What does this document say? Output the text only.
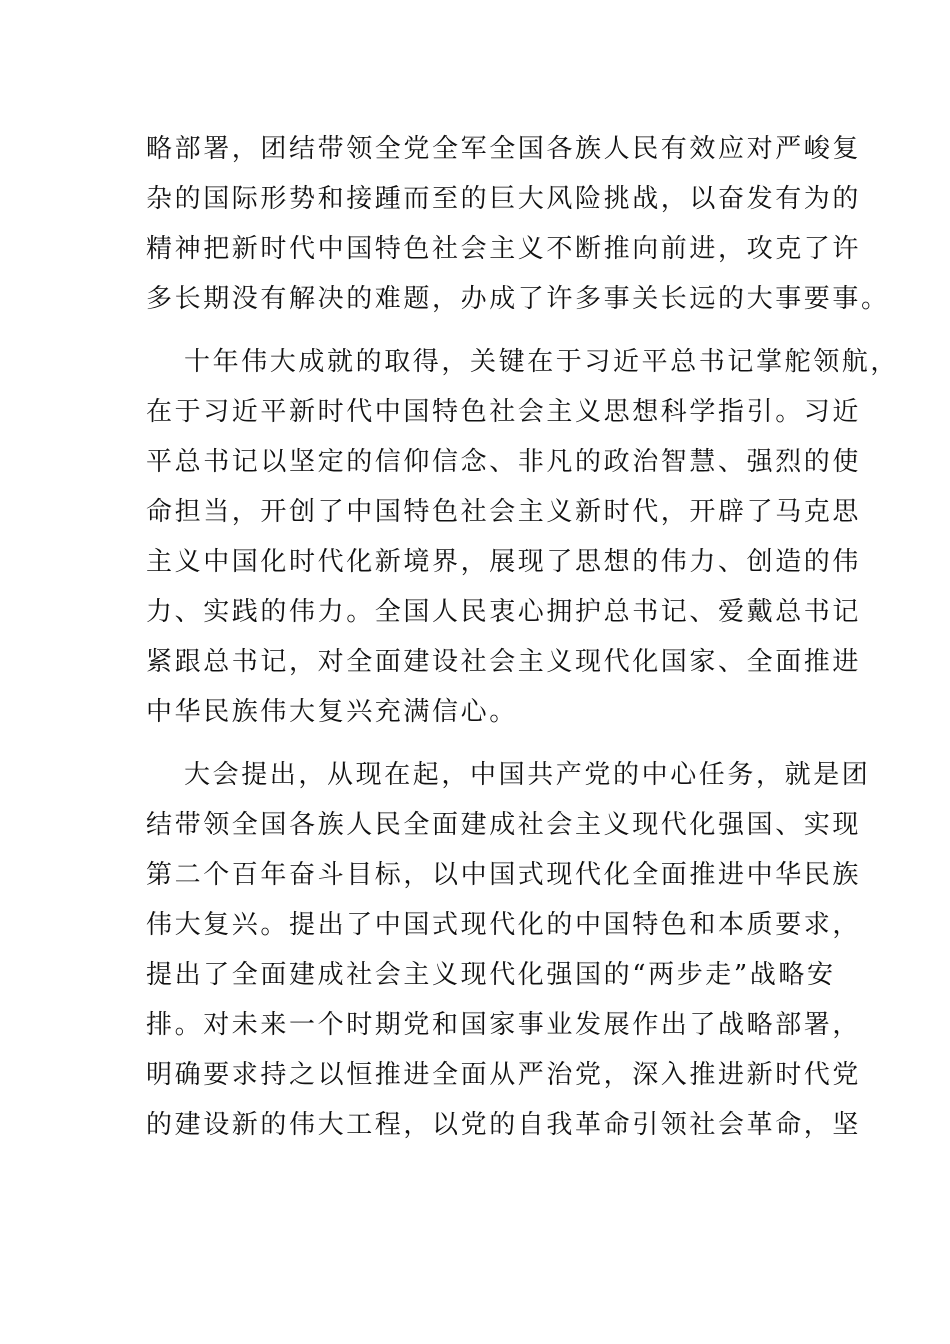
略部署，团结带领全党全军全国各族人民有效应对严峻复

杂的国际形势和接踵而至的巨大风险挑战，以奋发有为的

精神把新时代中国特色社会主义不断推向前进，攻克了许

多长期没有解决的难题，办成了许多事关长远的大事要事。

十年伟大成就的取得，关键在于习近平总书记掌舵领航，

在于习近平新时代中国特色社会主义思想科学指引。习近

平总书记以坚定的信仰信念、非凡的政治智慧、强烈的使

命担当，开创了中国特色社会主义新时代，开辟了马克思

主义中国化时代化新境界，展现了思想的伟力、创造的伟

力、实践的伟力。全国人民衷心拥护总书记、爱戴总书记

紧跟总书记，对全面建设社会主义现代化国家、全面推进

中华民族伟大复兴充满信心。

大会提出，从现在起，中国共产党的中心任务，就是团

结带领全国各族人民全面建成社会主义现代化强国、实现

第二个百年奋斗目标，以中国式现代化全面推进中华民族

伟大复兴。提出了中国式现代化的中国特色和本质要求，

提出了全面建成社会主义现代化强国的“两步走”战略安

排。对未来一个时期党和国家事业发展作出了战略部署，

明确要求持之以恒推进全面从严治党，深入推进新时代党

的建设新的伟大工程，以党的自我革命引领社会革命，坚
